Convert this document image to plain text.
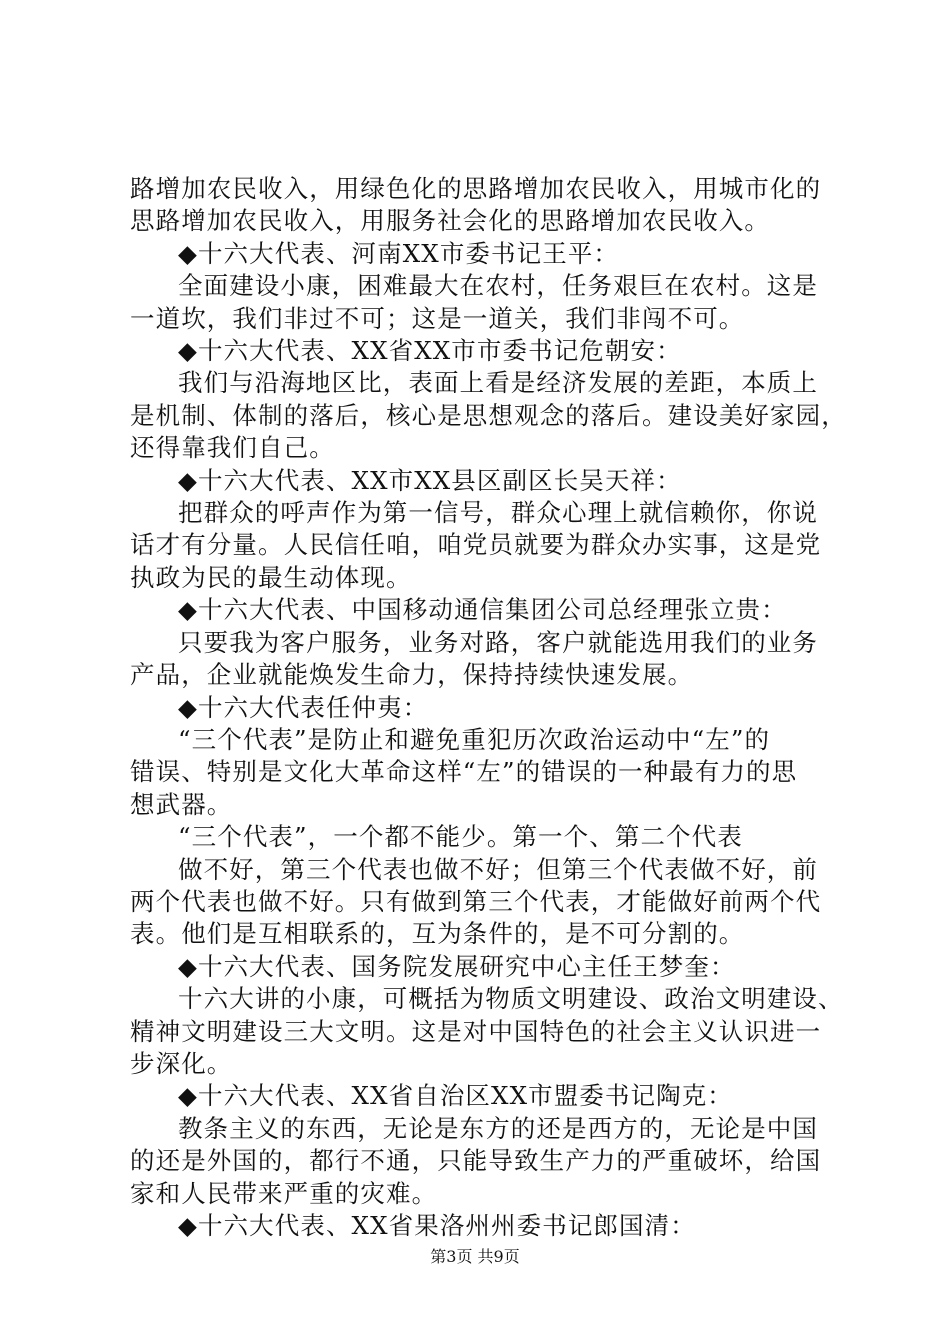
路增加农民收入，用绿色化的思路增加农民收入，用城市化的

思路增加农民收入，用服务社会化的思路增加农民收入。

◆十六大代表、河南XX市委书记王平：

全面建设小康，困难最大在农村，任务艰巨在农村。这是

一道坎，我们非过不可；这是一道关，我们非闯不可。

◆十六大代表、XX省XX市市委书记危朝安：

我们与沿海地区比，表面上看是经济发展的差距，本质上

是机制、体制的落后，核心是思想观念的落后。建设美好家园，

还得靠我们自己。

◆十六大代表、XX市XX县区副区长吴天祥：

把群众的呼声作为第一信号，群众心理上就信赖你，你说

话才有分量。人民信任咱，咱党员就要为群众办实事，这是党

执政为民的最生动体现。

◆十六大代表、中国移动通信集团公司总经理张立贵：

只要我为客户服务，业务对路，客户就能选用我们的业务

产品，企业就能焕发生命力，保持持续快速发展。

◆十六大代表任仲夷：

“三个代表”是防止和避免重犯历次政治运动中“左”的

错误、特别是文化大革命这样“左”的错误的一种最有力的思

想武器。

“三个代表”，一个都不能少。第一个、第二个代表

做不好，第三个代表也做不好；但第三个代表做不好，前

两个代表也做不好。只有做到第三个代表，才能做好前两个代

表。他们是互相联系的，互为条件的，是不可分割的。

◆十六大代表、国务院发展研究中心主任王梦奎：

十六大讲的小康，可概括为物质文明建设、政治文明建设、

精神文明建设三大文明。这是对中国特色的社会主义认识进一

步深化。

◆十六大代表、XX省自治区XX市盟委书记陶克：

教条主义的东西，无论是东方的还是西方的，无论是中国

的还是外国的，都行不通，只能导致生产力的严重破坏，给国

家和人民带来严重的灾难。

◆十六大代表、XX省果洛州州委书记郎国清：

第3页 共9页
